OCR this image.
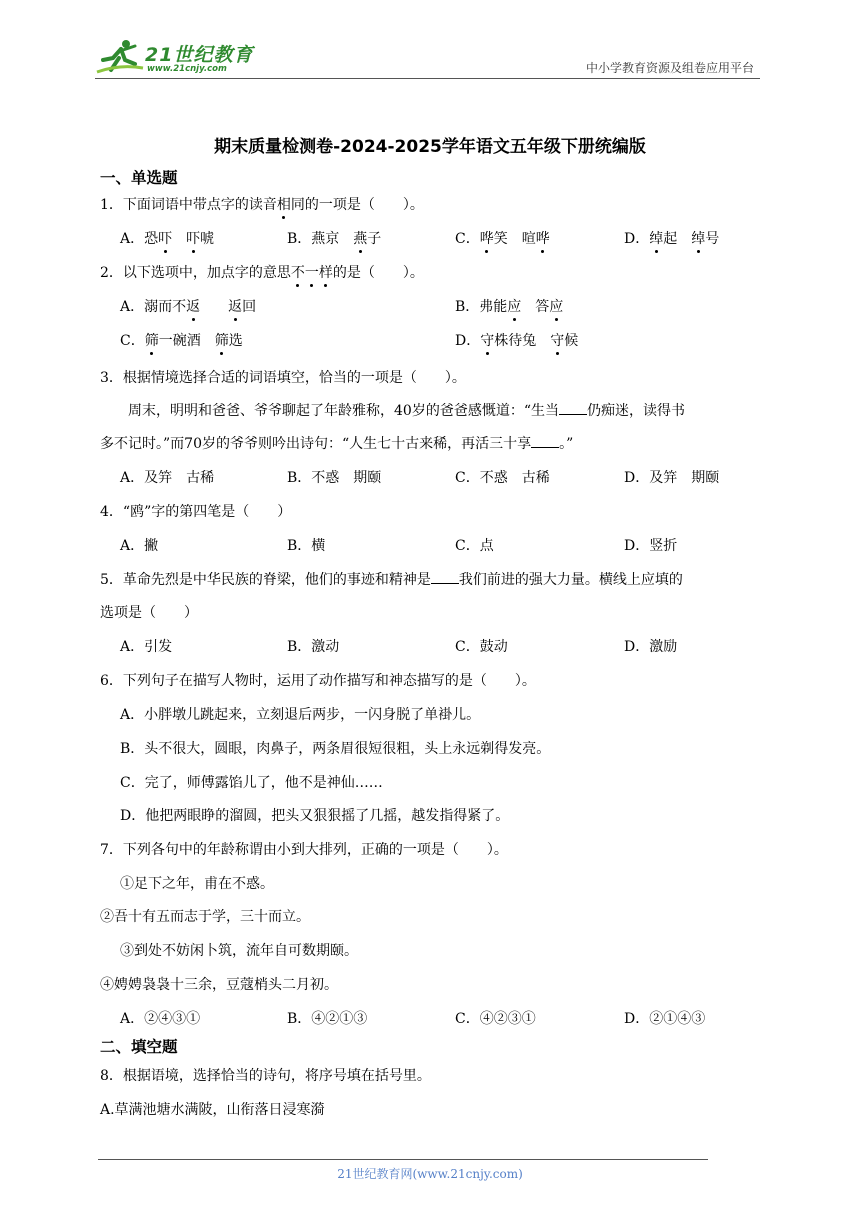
21世纪教育
www.21cnjy.com	中小学教育资源及组卷应用平台
期末质量检测卷-2024-2025学年语文五年级下册统编版
一、单选题
1．下面词语中带点字的读音相同的一项是（　　）。
A．恐吓　 吓唬	B．燕京　 燕子	C．哗笑　喧哗	D．绰起　绰号
2．以下选项中，加点字的意思不一样的是（　　）。
A．溺而不返　　 返回	B．弗能应　答应
C．筛一碗酒　筛选	D．守株待兔　守候
3．根据情境选择合适的词语填空，恰当的一项是（　　）。
周末，明明和爸爸、爷爷聊起了年龄雅称，40岁的爸爸感慨道：“生当 仍痴迷，读得书
多不记时。”而70岁的爷爷则吟出诗句：“人生七十古来稀，再活三十享 。”
A．及笄　古稀	B．不惑　期颐	C．不惑　古稀	D．及笄　期颐
4．“鸥”字的第四笔是（　　）
A．撇	B．横	C．点	D．竖折
5．革命先烈是中华民族的脊梁，他们的事迹和精神是 我们前进的强大力量。横线上应填的
选项是（　　）
A．引发	B．激动	C．鼓动	D．激励
6．下列句子在描写人物时，运用了动作描写和神态描写的是（　　）。
A．小胖墩儿跳起来，立刻退后两步，一闪身脱了单褂儿。
B．头不很大，圆眼，肉鼻子，两条眉很短很粗，头上永远剃得发亮。
C．完了，师傅露馅儿了，他不是神仙……
D．他把两眼睁的溜圆，把头又狠狠摇了几摇，越发指得紧了。
7．下列各句中的年龄称谓由小到大排列，正确的一项是（　　）。
①足下之年，甫在不惑。
②吾十有五而志于学，三十而立。
③到处不妨闲卜筑，流年自可数期颐。
④娉娉袅袅十三余，豆蔻梢头二月初。
A．②④③①	B．④②①③	C．④②③①	D．②①④③
二、填空题
8．根据语境，选择恰当的诗句，将序号填在括号里。
A.草满池塘水满陂，山衔落日浸寒漪
21世纪教育网(www.21cnjy.com)
